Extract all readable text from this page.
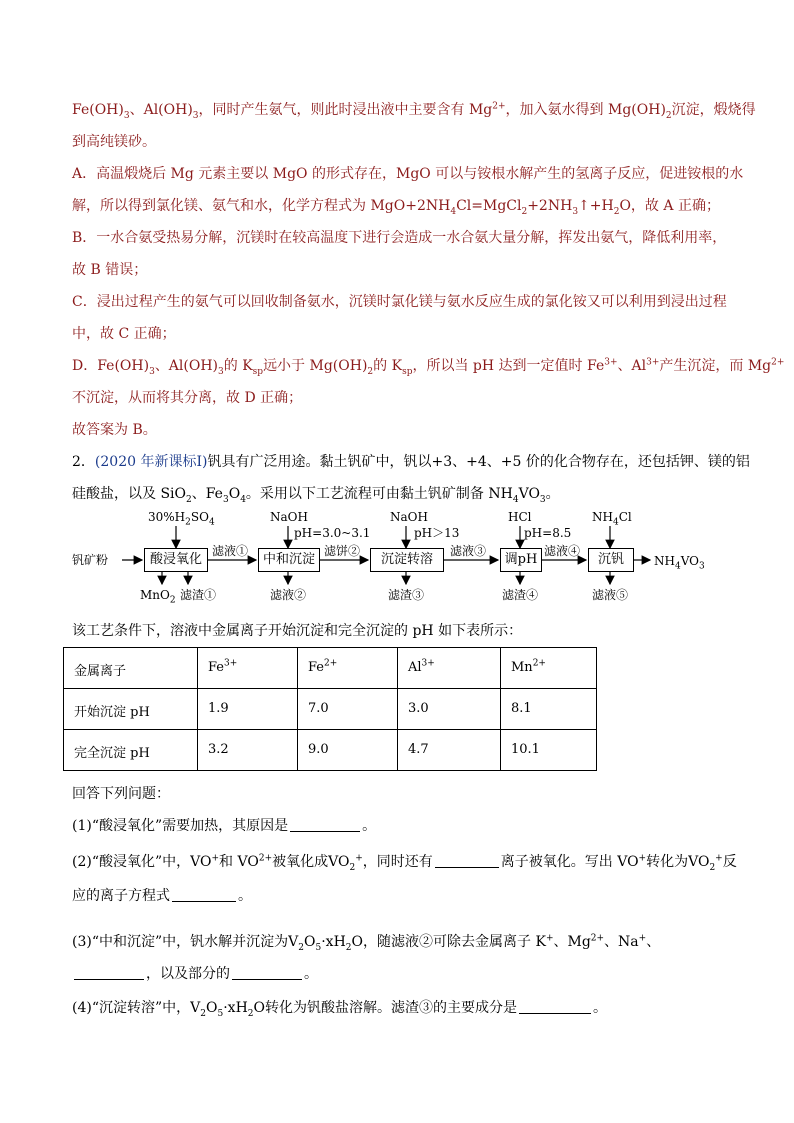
$Fe(OH)_3$、$Al(OH)_3$，同时产生氨气，则此时浸出液中主要含有 $Mg^{2+}$，加入氨水得到 $Mg(OH)_2$沉淀，煅烧得
到高纯镁砂。
A．高温煅烧后 Mg 元素主要以 MgO 的形式存在，MgO 可以与铵根水解产生的氢离子反应，促进铵根的水
解，所以得到氯化镁、氨气和水，化学方程式为 $MgO+2NH_4Cl=MgCl_2+2NH_3↑+H_2O$，故 A 正确；
B．一水合氨受热易分解，沉镁时在较高温度下进行会造成一水合氨大量分解，挥发出氨气，降低利用率，
故 B 错误；
C．浸出过程产生的氨气可以回收制备氨水，沉镁时氯化镁与氨水反应生成的氯化铵又可以利用到浸出过程
中，故 C 正确；
D．$Fe(OH)_3$、$Al(OH)_3$的 $K_{sp}$远小于 $Mg(OH)_2$的 $K_{sp}$，所以当 pH 达到一定值时 $Fe^{3+}$、$Al^{3+}$产生沉淀，而 $Mg^{2+}$
不沉淀，从而将其分离，故 D 正确；
故答案为 B。
2．(2020 年新课标Ⅰ)钒具有广泛用途。黏土钒矿中，钒以+3、+4、+5 价的化合物存在，还包括钾、镁的铝
硅酸盐，以及 SiO$_2$、$Fe_3O_4$。采用以下工艺流程可由黏土钒矿制备 $NH_4VO_3$。
钒矿粉	酸浸氧化	中和沉淀	沉淀转溶	调pH	沉钒	$NH_4VO_3$
$30\%H_2SO_4$	NaOH
pH=3.0~3.1
NaOH
pH＞13
HCl
pH=8.5
$NH_4Cl$
滤液①	滤饼②	滤液③	滤液④
MnO$_2$ 滤渣①	滤液②	滤渣③	滤渣④	滤液⑤
该工艺条件下，溶液中金属离子开始沉淀和完全沉淀的 pH 如下表所示：
金属离子	$Fe^{3+}$	$Fe^{2+}$	$Al^{3+}$	$Mn^{2+}$
开始沉淀 pH	1.9	7.0	3.0	8.1
完全沉淀 pH	3.2	9.0	4.7	10.1
回答下列问题：
(1)“酸浸氧化”需要加热，其原因是	。
(2)“酸浸氧化”中，VO+和 $VO^{2+}$被氧化成$VO_2^+$，同时还有	离子被氧化。写出 VO+转化为$VO_2^+$反
应的离子方程式	。
(3)“中和沉淀”中，钒水解并沉淀为$V_2O_5\cdot xH_2O$，随滤液②可除去金属离子 K+、$Mg^{2+}$、Na+、
，以及部分的	。
(4)“沉淀转溶”中，$V_2O_5\cdot xH_2O$转化为钒酸盐溶解。滤渣③的主要成分是	。
